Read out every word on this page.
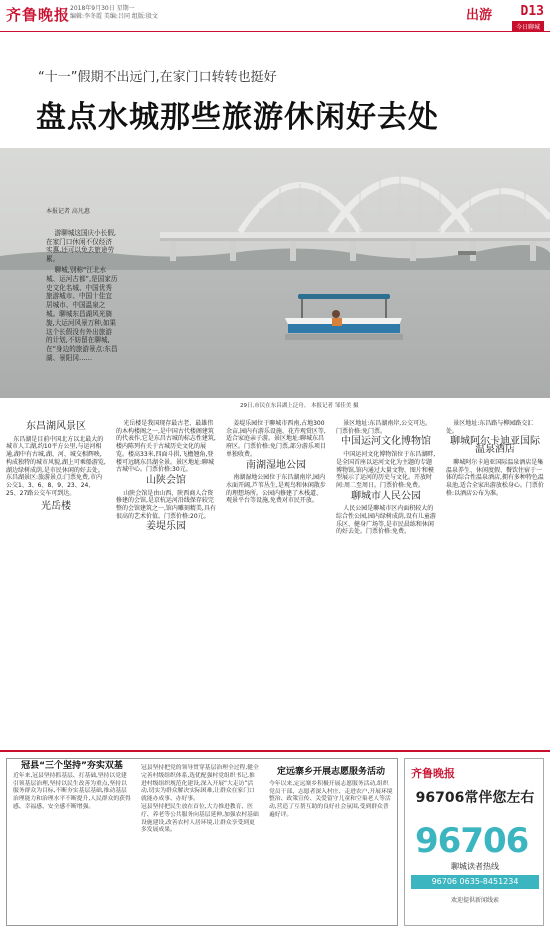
齐鲁晚报 2018年9月30日 星期一
编辑:李冬霞 美编:吕同 组版:殷文	出游 D13
今日聊城
“十一”假期不出远门,在家门口转转也挺好
盘点水城那些旅游休闲好去处
本报记者 高凡惠

游聊城这国庆小长假,在家门口休闲不仅经济实惠,还可以免去旅途劳累。

聊城,别称“江北水城、运河古都”,是国家历史文化名城、中国优秀旅游城市、中国十佳宜居城市、中国温泉之城。聊城东昌湖风光旖旎,大运河风景万种,如果这个长假没有外出旅游的计划,不妨留在聊城,在“身边的旅游景点:东昌湖、景阳冈……

29日,市民在东昌湖上泛舟。 本报记者 邹佳美 摄
东昌湖风景区

东昌湖是目前中国北方以北最大的城市人工湖,约10平方公里,与运河相通,湖中有古城,湖、河、城交相辉映,构成独特的城市风貌,湖上可乘船游览,湖边绿树成荫,是市民休闲的好去处。东昌湖景区:旅游景点:门票免费,市内公交1、3、6、8、9、23、24、25、27路公交车可到达。

光岳楼

光岳楼是我国现存最古老、最雄伟的木构楼阁之一,是中国古代楼阁建筑的代表作,它是东昌古城的标志性建筑,楼内陈列有关于古城历史文化的展览。楼高33米,四面斗拱,飞檐翘角,登楼可远眺东昌湖全景。景区地址:聊城古城中心。门票价格:30元。

山陕会馆

山陕会馆是由山西、陕西商人合资修建的会馆,是京杭运河沿线保存较完整的会馆建筑之一,馆内雕刻精美,具有很高的艺术价值。门票价格:20元。

姜堤乐园

姜堤乐园位于聊城市西南,占地300余亩,园内有游乐设施、花卉观赏区等,适合家庭亲子游。景区地址:聊城东昌府区。门票价格:免门票,部分游乐项目单独收费。

南湖湿地公园

南湖湿地公园位于东昌湖南岸,园内水面开阔,芦苇丛生,是观鸟和休闲散步的理想场所。公园内修建了木栈道、观景平台等设施,免费对市民开放。

景区地址:东昌湖南岸,公交可达。门票价格:免门票。

中国运河文化博物馆

中国运河文化博物馆位于东昌湖畔,是全国首座以运河文化为主题的专题博物馆,馆内通过大量文物、图片和模型展示了运河的历史与文化。开放时间:周二至周日。门票价格:免费。

聊城市人民公园

人民公园是聊城市区内面积较大的综合性公园,园内绿树成荫,设有儿童游乐区、健身广场等,是市民晨练和休闲的好去处。门票价格:免费。

景区地址:东昌路与柳园路交汇处。

聊城阿尔卡迪亚国际温泉酒店

聊城阿尔卡迪亚国际温泉酒店是集温泉养生、休闲度假、餐饮住宿于一体的综合性温泉酒店,拥有多种特色温泉池,适合全家出游放松身心。门票价格:以酒店公布为准。

冠县“三个坚持”夯实双基

近年来,冠县坚持抓基层、打基础,坚持以党建引领基层治理,坚持以民生改善为重点,坚持以服务群众为目标,不断夯实基层基础,推动基层治理能力和治理水平不断提升,人民群众的获得感、幸福感、安全感不断增强。

冠县坚持把党的领导贯穿基层治理全过程,健全完善村级组织体系,选优配强村党组织书记,推进村级组织规范化建设,深入开展“大走访”活动,切实为群众解决实际困难,让群众在家门口就能办成事、办好事。

冠县坚持把民生放在首位,大力推进教育、医疗、养老等公共服务向基层延伸,加强农村基础设施建设,改善农村人居环境,让群众享受到更多发展成果。

定远寨乡开展志愿服务活动

今年以来,定远寨乡积极开展志愿服务活动,组织党员干部、志愿者深入村庄、走进农户,开展环境整治、政策宣传、关爱留守儿童和空巢老人等活动,营造了互帮互助的良好社会氛围,受到群众普遍好评。

齐鲁晚报
96706常伴您左右
96706
聊城读者热线
96706 0635-8451234
欢迎提供新闻线索
